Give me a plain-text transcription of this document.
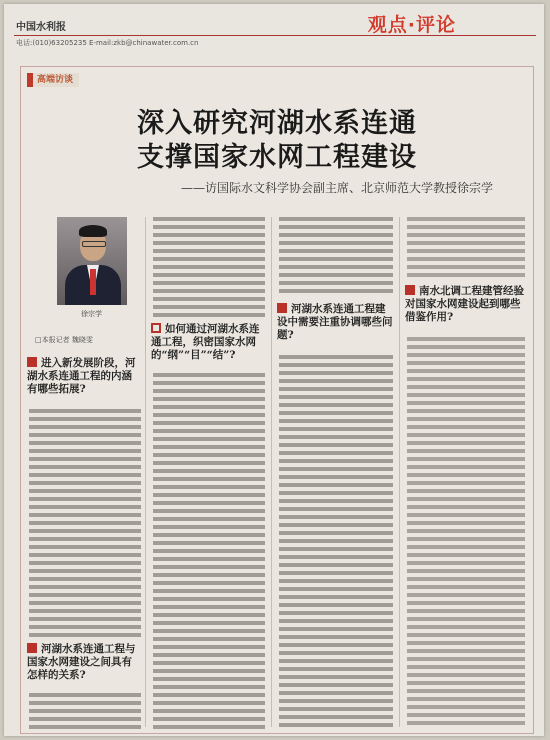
中国水利报	观点·评论
电话:(010)63205235 E-mail:zkb@chinawater.com.cn
高端访谈
深入研究河湖水系连通
支撑国家水网工程建设
——访国际水文科学协会副主席、北京师范大学教授徐宗学
徐宗学
□本报记者 魏晓雯
进入新发展阶段，河湖水系连通工程的内涵有哪些拓展?
河湖水系连通工程与国家水网建设之间具有怎样的关系?
如何通过河湖水系连通工程，织密国家水网的“纲”“目”“结”?
河湖水系连通工程建设中需要注重协调哪些问题?
南水北调工程建管经验对国家水网建设起到哪些借鉴作用?
